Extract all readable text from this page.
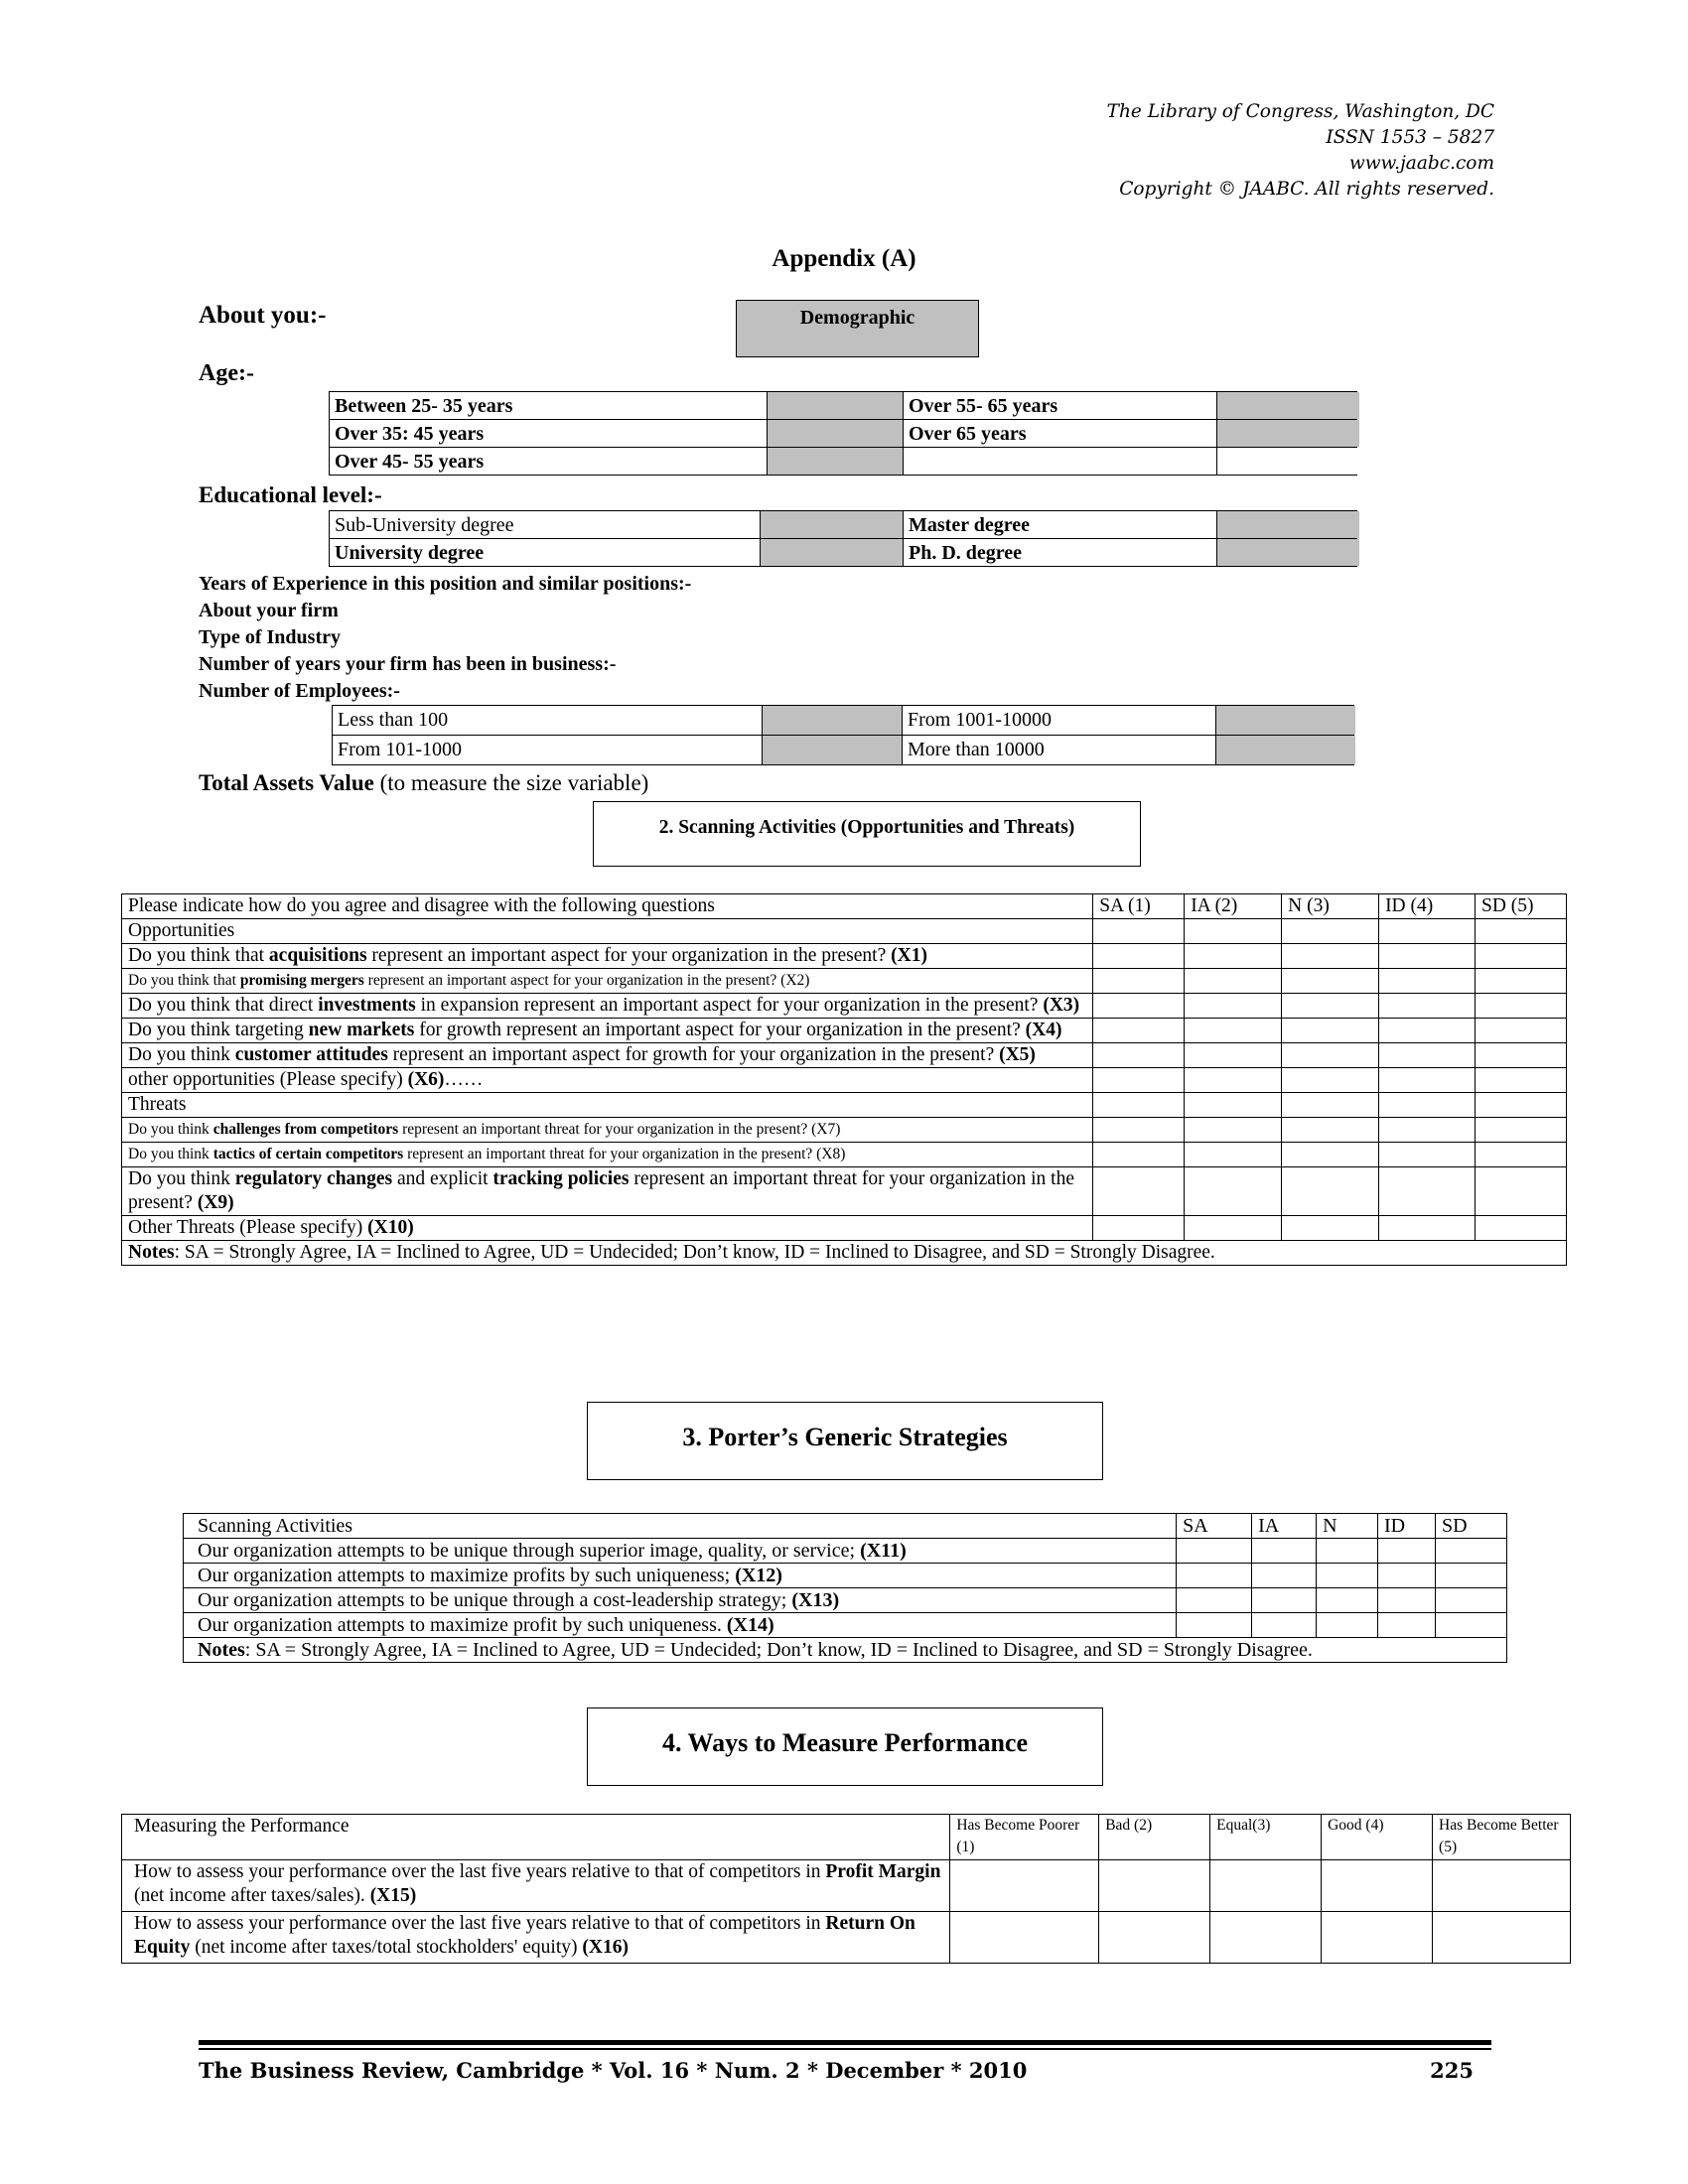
The Library of Congress, Washington, DC
ISSN 1553 – 5827
www.jaabc.com
Copyright © JAABC. All rights reserved.
Appendix (A)
About you:-	Demographic
Age:-
Between 25- 35 years	Over 55- 65 years
Over 35: 45 years	Over 65 years
Over 45- 55 years
Educational level:-
Sub-University degree	Master degree
University degree	Ph. D. degree
Years of Experience in this position and similar positions:-
About your firm
Type of Industry
Number of years your firm has been in business:-
Number of Employees:-
Less than 100	From 1001-10000
From 101-1000	More than 10000
Total Assets Value (to measure the size variable)
2. Scanning Activities (Opportunities and Threats)
Please indicate how do you agree and disagree with the following questions	SA (1)	IA (2)	N (3)	ID (4)	SD (5)
Opportunities					
Do you think that acquisitions represent an important aspect for your organization in the present? (X1)					
Do you think that promising mergers represent an important aspect for your organization in the present? (X2)					
Do you think that direct investments in expansion represent an important aspect for your organization in the present? (X3)					
Do you think targeting new markets for growth represent an important aspect for your organization in the present? (X4)					
Do you think customer attitudes represent an important aspect for growth for your organization in the present? (X5)					
other opportunities (Please specify) (X6)……					
Threats					
Do you think challenges from competitors represent an important threat for your organization in the present? (X7)					
Do you think tactics of certain competitors represent an important threat for your organization in the present? (X8)					
Do you think regulatory changes and explicit tracking policies represent an important threat for your organization in the present? (X9)					
Other Threats (Please specify) (X10)					
Notes: SA = Strongly Agree, IA = Inclined to Agree, UD = Undecided; Don’t know, ID = Inclined to Disagree, and SD = Strongly Disagree.					
3. Porter’s Generic Strategies
Scanning Activities	SA	IA	N	ID	SD
Our organization attempts to be unique through superior image, quality, or service; (X11)					
Our organization attempts to maximize profits by such uniqueness; (X12)					
Our organization attempts to be unique through a cost-leadership strategy; (X13)					
Our organization attempts to maximize profit by such uniqueness. (X14)					
Notes: SA = Strongly Agree, IA = Inclined to Agree, UD = Undecided; Don’t know, ID = Inclined to Disagree, and SD = Strongly Disagree.					
4. Ways to Measure Performance
Measuring the Performance	Has Become Poorer (1)	Bad (2)	Equal(3)	Good (4)	Has Become Better (5)
How to assess your performance over the last five years relative to that of competitors in Profit Margin (net income after taxes/sales). (X15)					
How to assess your performance over the last five years relative to that of competitors in Return On Equity (net income after taxes/total stockholders' equity) (X16)					
The Business Review, Cambridge * Vol. 16 * Num. 2 * December * 2010	225
